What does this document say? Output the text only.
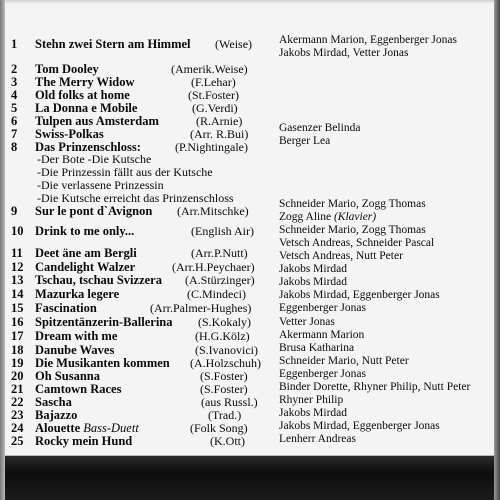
1 Stehn zwei Stern am Himmel (Weise) Akermann Marion, Eggenberger Jonas
Jakobs Mirdad, Vetter Jonas
2 Tom Dooley	(Amerik.Weise)
3 The Merry Widow	(F.Lehar)
4 Old folks at home	(St.Foster)
5 La Donna e Mobile	(G.Verdi)
6 Tulpen aus Amsterdam	(R.Arnie)
7 Swiss-Polkas	(Arr. R.Bui)	Gasenzer Belinda
8 Das Prinzenschloss:	(P.Nightingale)	Berger Lea
-Der Bote -Die Kutsche
-Die Prinzessin fällt aus der Kutsche
-Die verlassene Prinzessin
-Die Kutsche erreicht das Prinzenschloss
9 Sur le pont d`Avignon (Arr.Mitschke)	Schneider Mario, Zogg Thomas
Zogg Aline (Klavier)
10 Drink to me only...	(English Air) Schneider Mario, Zogg Thomas
Vetsch Andreas, Schneider Pascal
11 Deet äne am Bergli	(Arr.P.Nutt)	Vetsch Andreas, Nutt Peter
12 Candelight Walzer	(Arr.H.Peychaer) Jakobs Mirdad
13 Tschau, tschau Svizzera (A.Stürzinger) Jakobs Mirdad
14 Mazurka legere	(C.Mindeci)	Jakobs Mirdad, Eggenberger Jonas
15 Fascination	(Arr.Palmer-Hughes) Eggenberger Jonas
16 Spitzentänzerin-Ballerina (S.Kokaly) Vetter Jonas
17 Dream with me	(H.G.Kölz)	Akermann Marion
18 Danube Waves	(S.Ivanovici) Brusa Katharina
19 Die Musikanten kommen (A.Holzschuh) Schneider Mario, Nutt Peter
20 Oh Susanna	(S.Foster)	Eggenberger Jonas
21 Camtown Races	(S.Foster)	Binder Dorette, Rhyner Philip, Nutt Peter
22 Sascha	(aus Russl.) Rhyner Philip
23 Bajazzo	(Trad.)	Jakobs Mirdad
24 Alouette Bass-Duett	(Folk Song)	Jakobs Mirdad, Eggenberger Jonas
25 Rocky mein Hund	(K.Ott)	Lenherr Andreas
